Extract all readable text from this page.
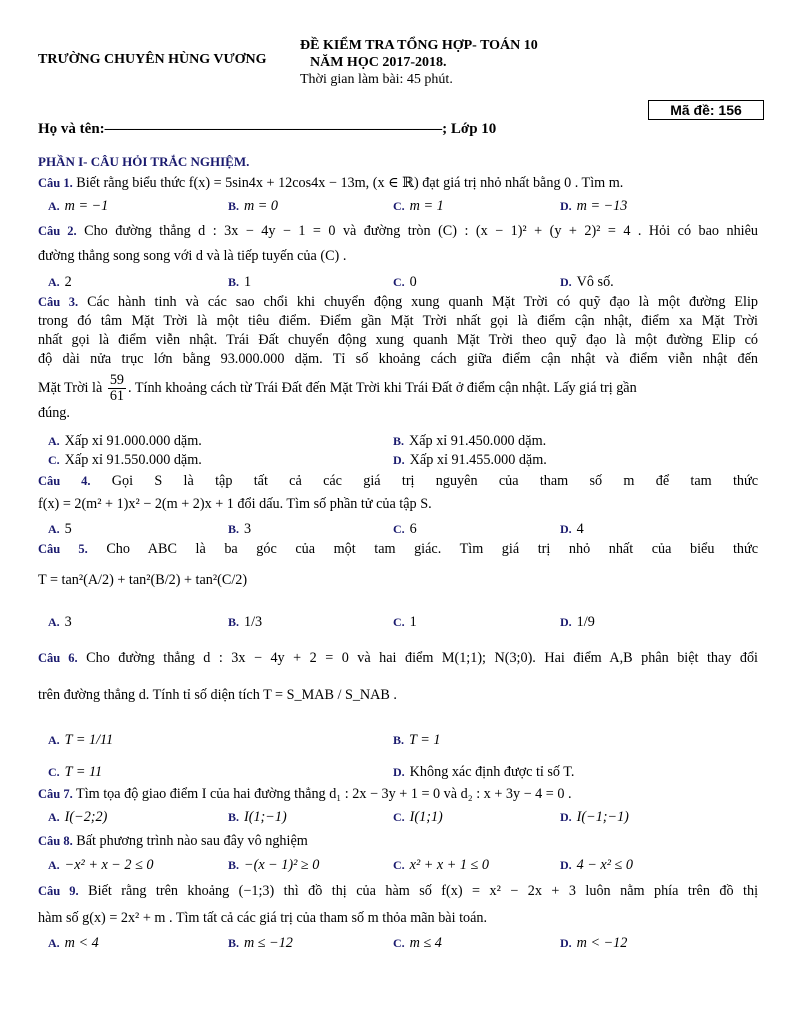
TRƯỜNG CHUYÊN HÙNG VƯƠNG
ĐỀ KIỂM TRA TỔNG HỢP- TOÁN 10
NĂM HỌC 2017-2018.
Thời gian làm bài: 45 phút.
Mã đề: 156
Họ và tên:–––––––––––––––––––––––––––––––––––––––––––––; Lớp 10
PHẦN I- CÂU HỎI TRẮC NGHIỆM.
Câu 1. Biết rằng biểu thức f(x) = 5sin4x + 12cos4x − 13m, (x ∈ ℝ) đạt giá trị nhỏ nhất bằng 0 . Tìm m.
A. m = −1	B. m = 0	C. m = 1	D. m = −13
Câu 2. Cho đường thẳng d : 3x − 4y − 1 = 0 và đường tròn (C) : (x − 1)² + (y + 2)² = 4 . Hỏi có bao nhiêu
đường thẳng song song với d và là tiếp tuyến của (C) .
A. 2	B. 1	C. 0	D. Vô số.
Câu 3. Các hành tinh và các sao chổi khi chuyển động xung quanh Mặt Trời có quỹ đạo là một đường Elip
trong đó tâm Mặt Trời là một tiêu điểm. Điểm gần Mặt Trời nhất gọi là điểm cận nhật, điểm xa Mặt Trời
nhất gọi là điểm viễn nhật. Trái Đất chuyển động xung quanh Mặt Trời theo quỹ đạo là một đường Elip có
độ dài nửa trục lớn bằng 93.000.000 dặm. Tỉ số khoảng cách giữa điểm cận nhật và điểm viễn nhật đến
Mặt Trời là $\frac{59}{61}$ . Tính khoảng cách từ Trái Đất đến Mặt Trời khi Trái Đất ở điểm cận nhật. Lấy giá trị gần
đúng.
A. Xấp xỉ 91.000.000 dặm.	B. Xấp xỉ 91.450.000 dặm.
C. Xấp xỉ 91.550.000 dặm.	D. Xấp xỉ 91.455.000 dặm.
Câu 4. Gọi S là tập tất cả các giá trị nguyên của tham số m để tam thức
f(x) = 2(m² + 1)x² − 2(m + 2)x + 1 đổi dấu. Tìm số phần tử của tập S.
A. 5	B. 3	C. 6	D. 4
Câu 5. Cho ABC là ba góc của một tam giác. Tìm giá trị nhỏ nhất của biểu thức
T = tan²(A/2) + tan²(B/2) + tan²(C/2)
A. 3	B. 1/3	C. 1	D. 1/9
Câu 6. Cho đường thẳng d : 3x − 4y + 2 = 0 và hai điểm M(1;1); N(3;0). Hai điểm A,B phân biệt thay đổi
trên đường thẳng d. Tính tỉ số diện tích T = S_MAB / S_NAB .
A. T = 1/11	B. T = 1
C. T = 11	D. Không xác định được tỉ số T.
Câu 7. Tìm tọa độ giao điểm I của hai đường thẳng d₁ : 2x − 3y + 1 = 0 và d₂ : x + 3y − 4 = 0 .
A. I(−2;2)	B. I(1;−1)	C. I(1;1)	D. I(−1;−1)
Câu 8. Bất phương trình nào sau đây vô nghiệm
A. −x² + x − 2 ≤ 0	B. −(x − 1)² ≥ 0	C. x² + x + 1 ≤ 0	D. 4 − x² ≤ 0
Câu 9. Biết rằng trên khoảng (−1;3) thì đồ thị của hàm số f(x) = x² − 2x + 3 luôn nằm phía trên đồ thị
hàm số g(x) = 2x² + m . Tìm tất cả các giá trị của tham số m thỏa mãn bài toán.
A. m < 4	B. m ≤ −12	C. m ≤ 4	D. m < −12
